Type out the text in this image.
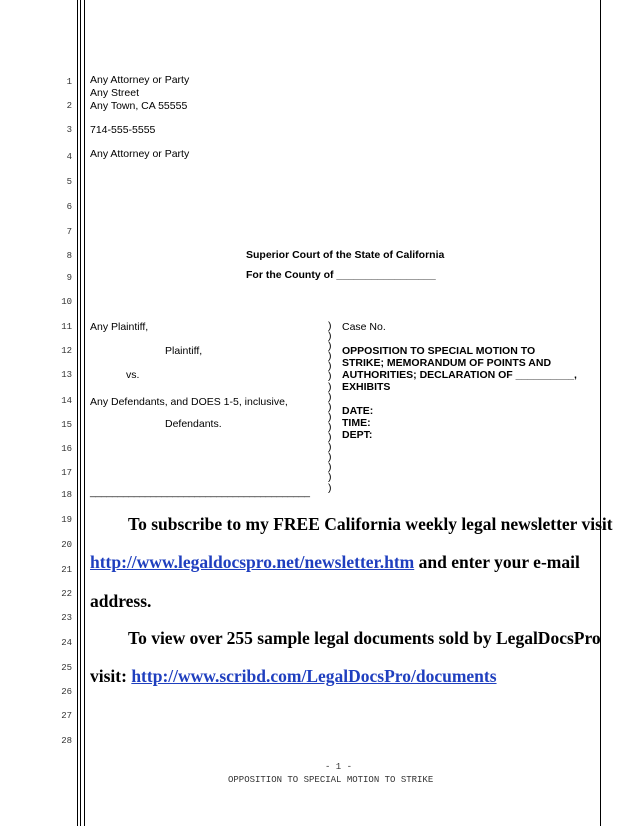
1
2
3
4
5
6
7
8
9
10
11
12
13
14
15
16
17
18
19
20
21
22
23
24
25
26
27
28
Any Attorney or Party
Any Street
Any Town, CA 55555
714-555-5555
Any Attorney or Party
Superior Court of the State of California
For the County of _________________
Any Plaintiff,
Plaintiff,
vs.
Any Defendants, and DOES 1-5, inclusive,
Defendants.
________________________________________
)
)
)
)
)
)
)
)
)
)
)
)
)
)
)
)
)
Case No.
OPPOSITION TO SPECIAL MOTION TO
STRIKE; MEMORANDUM OF POINTS AND
AUTHORITIES; DECLARATION OF __________,
EXHIBITS
DATE:
TIME:
DEPT:
To subscribe to my FREE California weekly legal newsletter visit
http://www.legaldocspro.net/newsletter.htm and enter your e-mail
address.
To view over 255 sample legal documents sold by LegalDocsPro
visit: http://www.scribd.com/LegalDocsPro/documents
- 1 -
OPPOSITION TO SPECIAL MOTION TO STRIKE
